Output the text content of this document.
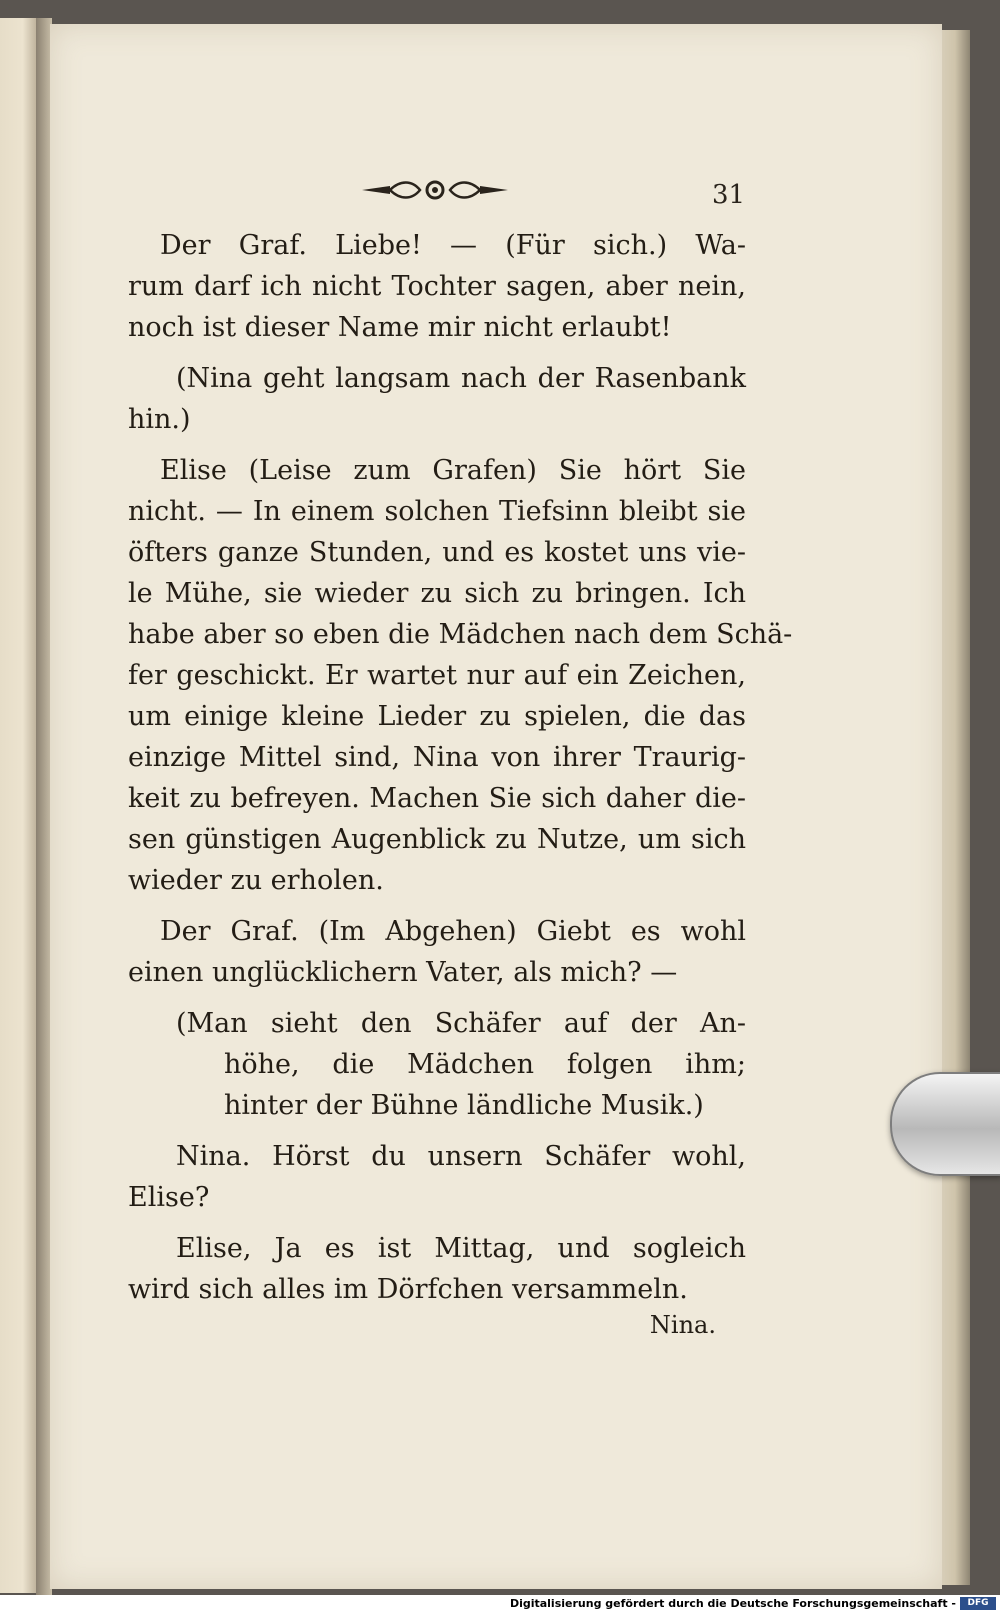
31
Der Graf. Liebe! — (Für sich.) Wa-
rum darf ich nicht Tochter sagen, aber nein,
noch ist dieser Name mir nicht erlaubt!
(Nina geht langsam nach der Rasenbank
hin.)
Elise (Leise zum Grafen) Sie hört Sie
nicht. — In einem solchen Tiefsinn bleibt sie
öfters ganze Stunden, und es kostet uns vie-
le Mühe, sie wieder zu sich zu bringen. Ich
habe aber so eben die Mädchen nach dem Schä-
fer geschickt. Er wartet nur auf ein Zeichen,
um einige kleine Lieder zu spielen, die das
einzige Mittel sind, Nina von ihrer Traurig-
keit zu befreyen. Machen Sie sich daher die-
sen günstigen Augenblick zu Nutze, um sich
wieder zu erholen.
Der Graf. (Im Abgehen) Giebt es wohl
einen unglücklichern Vater, als mich? —
(Man sieht den Schäfer auf der An-
höhe, die Mädchen folgen ihm;
hinter der Bühne ländliche Musik.)
Nina. Hörst du unsern Schäfer wohl,
Elise?
Elise, Ja es ist Mittag, und sogleich
wird sich alles im Dörfchen versammeln.
Nina.
Digitalisierung gefördert durch die Deutsche Forschungsgemeinschaft -	DFG
